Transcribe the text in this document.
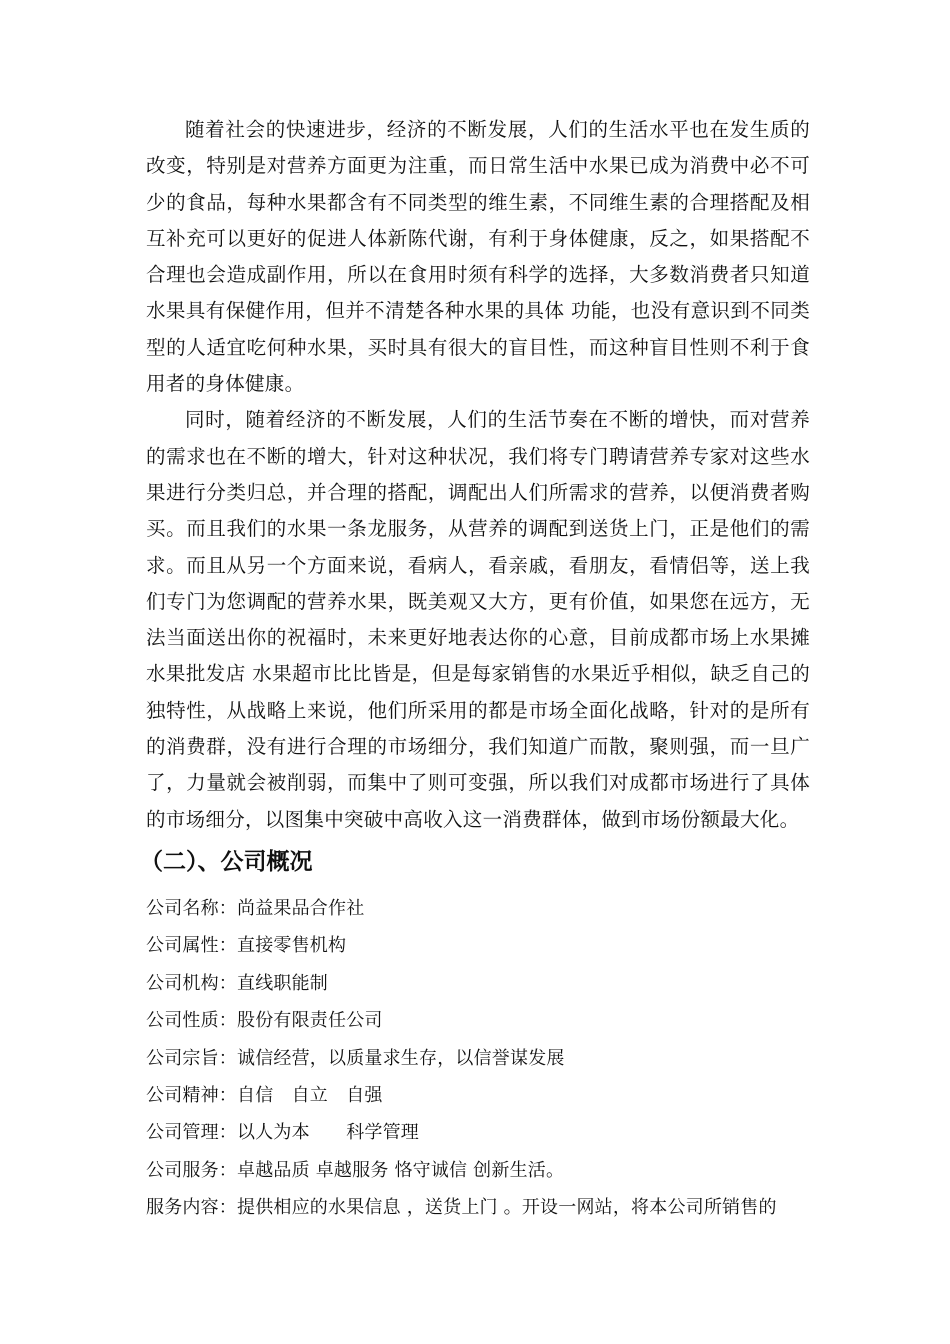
随着社会的快速进步，经济的不断发展，人们的生活水平也在发生质的改变，特别是对营养方面更为注重，而日常生活中水果已成为消费中必不可少的食品，每种水果都含有不同类型的维生素，不同维生素的合理搭配及相互补充可以更好的促进人体新陈代谢，有利于身体健康，反之，如果搭配不合理也会造成副作用，所以在食用时须有科学的选择，大多数消费者只知道水果具有保健作用，但并不清楚各种水果的具体 功能，也没有意识到不同类型的人适宜吃何种水果，买时具有很大的盲目性，而这种盲目性则不利于食用者的身体健康。

同时，随着经济的不断发展，人们的生活节奏在不断的增快，而对营养的需求也在不断的增大，针对这种状况，我们将专门聘请营养专家对这些水果进行分类归总，并合理的搭配，调配出人们所需求的营养，以便消费者购买。而且我们的水果一条龙服务，从营养的调配到送货上门，正是他们的需求。而且从另一个方面来说，看病人，看亲戚，看朋友，看情侣等，送上我们专门为您调配的营养水果，既美观又大方，更有价值，如果您在远方，无法当面送出你的祝福时，未来更好地表达你的心意，目前成都市场上水果摊 水果批发店 水果超市比比皆是，但是每家销售的水果近乎相似，缺乏自己的独特性，从战略上来说，他们所采用的都是市场全面化战略，针对的是所有的消费群，没有进行合理的市场细分，我们知道广而散，聚则强，而一旦广了，力量就会被削弱，而集中了则可变强，所以我们对成都市场进行了具体的市场细分，以图集中突破中高收入这一消费群体，做到市场份额最大化。

（二）、公司概况
公司名称：尚益果品合作社
公司属性：直接零售机构
公司机构：直线职能制
公司性质：股份有限责任公司
公司宗旨：诚信经营，以质量求生存，以信誉谋发展
公司精神：自信　自立　自强
公司管理：以人为本　　科学管理
公司服务：卓越品质 卓越服务 恪守诚信 创新生活。
服务内容：提供相应的水果信息 ，送货上门 。开设一网站，将本公司所销售的
